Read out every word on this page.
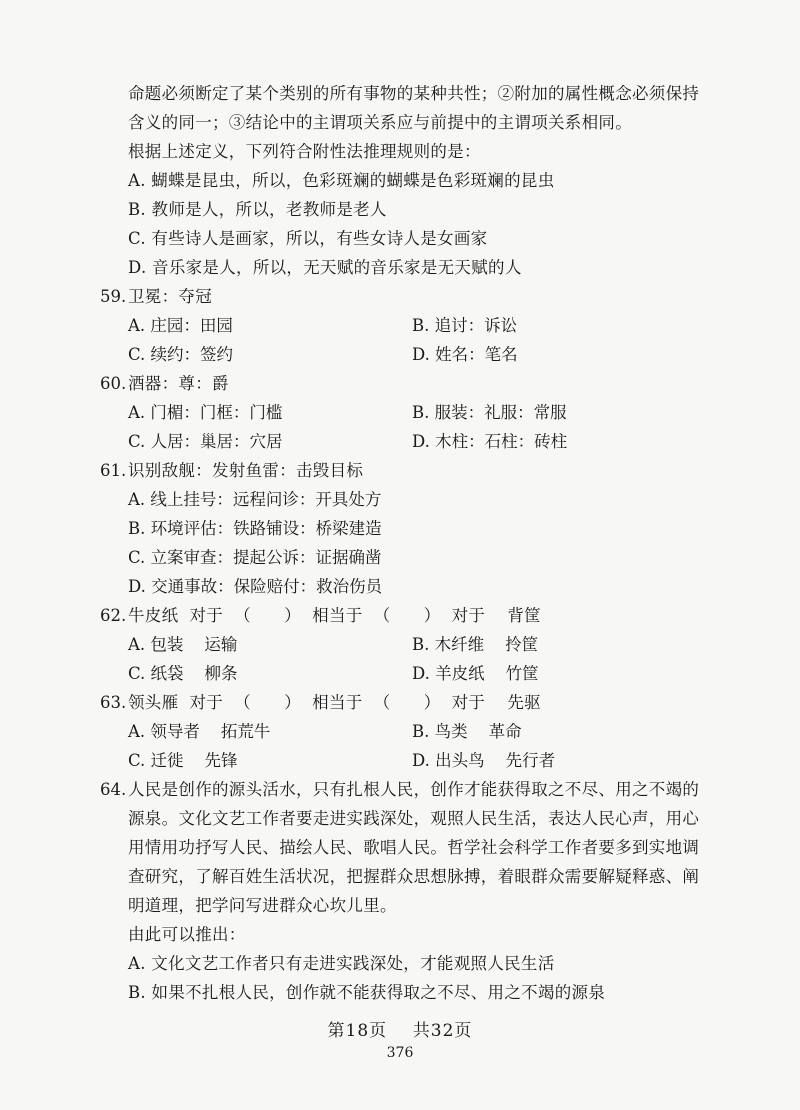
命题必须断定了某个类别的所有事物的某种共性；②附加的属性概念必须保持
含义的同一；③结论中的主谓项关系应与前提中的主谓项关系相同。
根据上述定义，下列符合附性法推理规则的是：
A. 蝴蝶是昆虫，所以，色彩斑斓的蝴蝶是色彩斑斓的昆虫
B. 教师是人，所以，老教师是老人
C. 有些诗人是画家，所以，有些女诗人是女画家
D. 音乐家是人，所以，无天赋的音乐家是无天赋的人
59. 卫冕：夺冠
A. 庄园：田园	B. 追讨：诉讼
C. 续约：签约	D. 姓名：笔名
60. 酒器：尊：爵
A. 门楣：门框：门槛	B. 服装：礼服：常服
C. 人居：巢居：穴居	D. 木柱：石柱：砖柱
61. 识别敌舰：发射鱼雷：击毁目标
A. 线上挂号：远程问诊：开具处方
B. 环境评估：铁路铺设：桥梁建造
C. 立案审查：提起公诉：证据确凿
D. 交通事故：保险赔付：救治伤员
62. 牛皮纸  对于  （      ）  相当于  （      ）  对于    背筐
A. 包装    运输	B. 木纤维    拎筐
C. 纸袋    柳条	D. 羊皮纸    竹筐
63. 领头雁  对于  （      ）  相当于  （      ）  对于    先驱
A. 领导者    拓荒牛	B. 鸟类    革命
C. 迁徙    先锋	D. 出头鸟    先行者
64. 人民是创作的源头活水，只有扎根人民，创作才能获得取之不尽、用之不竭的
源泉。文化文艺工作者要走进实践深处，观照人民生活，表达人民心声，用心
用情用功抒写人民、描绘人民、歌唱人民。哲学社会科学工作者要多到实地调
查研究，了解百姓生活状况，把握群众思想脉搏，着眼群众需要解疑释惑、阐
明道理，把学问写进群众心坎儿里。
由此可以推出：
A. 文化文艺工作者只有走进实践深处，才能观照人民生活
B. 如果不扎根人民，创作就不能获得取之不尽、用之不竭的源泉
第18页    共32页
376
